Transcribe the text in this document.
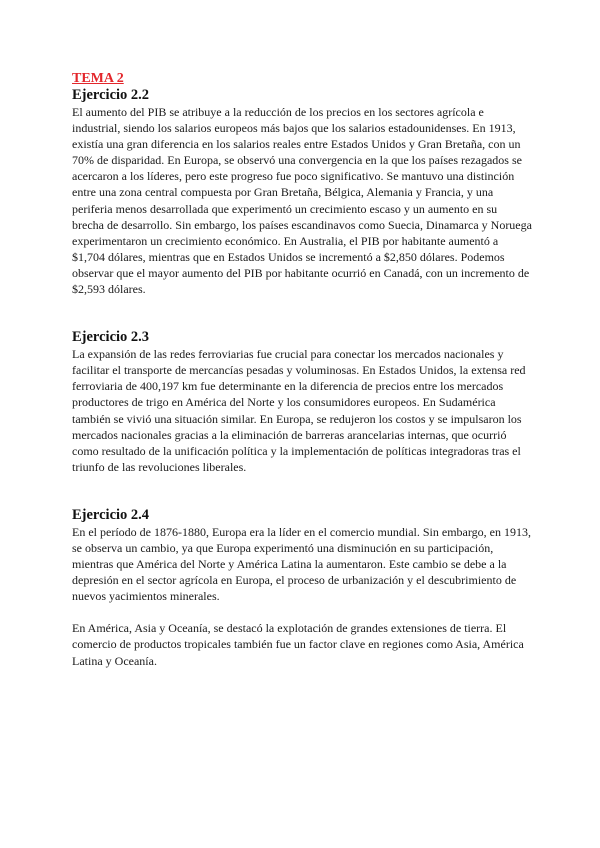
TEMA 2

Ejercicio 2.2

El aumento del PIB se atribuye a la reducción de los precios en los sectores agrícola e industrial, siendo los salarios europeos más bajos que los salarios estadounidenses. En 1913, existía una gran diferencia en los salarios reales entre Estados Unidos y Gran Bretaña, con un 70% de disparidad. En Europa, se observó una convergencia en la que los países rezagados se acercaron a los líderes, pero este progreso fue poco significativo. Se mantuvo una distinción entre una zona central compuesta por Gran Bretaña, Bélgica, Alemania y Francia, y una periferia menos desarrollada que experimentó un crecimiento escaso y un aumento en su brecha de desarrollo. Sin embargo, los países escandinavos como Suecia, Dinamarca y Noruega experimentaron un crecimiento económico. En Australia, el PIB por habitante aumentó a $1,704 dólares, mientras que en Estados Unidos se incrementó a $2,850 dólares. Podemos observar que el mayor aumento del PIB por habitante ocurrió en Canadá, con un incremento de $2,593 dólares.

Ejercicio 2.3

La expansión de las redes ferroviarias fue crucial para conectar los mercados nacionales y facilitar el transporte de mercancías pesadas y voluminosas. En Estados Unidos, la extensa red ferroviaria de 400,197 km fue determinante en la diferencia de precios entre los mercados productores de trigo en América del Norte y los consumidores europeos. En Sudamérica también se vivió una situación similar. En Europa, se redujeron los costos y se impulsaron los mercados nacionales gracias a la eliminación de barreras arancelarias internas, que ocurrió como resultado de la unificación política y la implementación de políticas integradoras tras el triunfo de las revoluciones liberales.

Ejercicio 2.4

En el período de 1876-1880, Europa era la líder en el comercio mundial. Sin embargo, en 1913, se observa un cambio, ya que Europa experimentó una disminución en su participación, mientras que América del Norte y América Latina la aumentaron. Este cambio se debe a la depresión en el sector agrícola en Europa, el proceso de urbanización y el descubrimiento de nuevos yacimientos minerales.

En América, Asia y Oceanía, se destacó la explotación de grandes extensiones de tierra. El comercio de productos tropicales también fue un factor clave en regiones como Asia, América Latina y Oceanía.
